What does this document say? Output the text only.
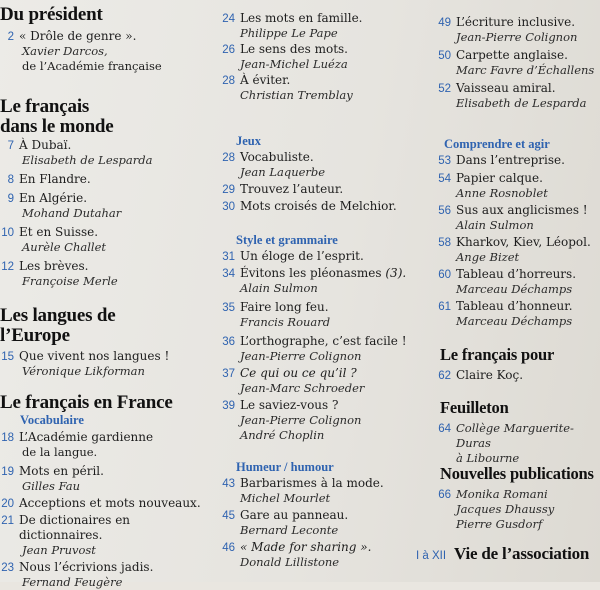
Du président
2 « Drôle de genre ».
Xavier Darcos,
de l’Académie française
Le français
dans le monde
7 À Dubaï.
Elisabeth de Lesparda
8 En Flandre.
9 En Algérie.
Mohand Dutahar
10 Et en Suisse.
Aurèle Challet
12 Les brèves.
Françoise Merle
Les langues de
l’Europe
15 Que vivent nos langues !
Véronique Likforman
Le français en France
Vocabulaire
18 L’Académie gardienne
de la langue.
19 Mots en péril.
Gilles Fau
20 Acceptions et mots nouveaux.
21 De dictionaires en dictionnaires.
Jean Pruvost
23 Nous l’écrivions jadis.
Fernand Feugère
24 Les mots en famille.
Philippe Le Pape
26 Le sens des mots.
Jean-Michel Luéza
28 À éviter.
Christian Tremblay
Jeux
28 Vocabuliste.
Jean Laquerbe
29 Trouvez l’auteur.
30 Mots croisés de Melchior.
Style et grammaire
31 Un éloge de l’esprit.
34 Évitons les pléonasmes (3).
Alain Sulmon
35 Faire long feu.
Francis Rouard
36 L’orthographe, c’est facile !
Jean-Pierre Colignon
37 Ce qui ou ce qu’il ?
Jean-Marc Schroeder
39 Le saviez-vous ?
Jean-Pierre Colignon
André Choplin
Humeur / humour
43 Barbarismes à la mode.
Michel Mourlet
45 Gare au panneau.
Bernard Leconte
46 « Made for sharing ».
Donald Lillistone
49 L’écriture inclusive.
Jean-Pierre Colignon
50 Carpette anglaise.
Marc Favre d’Échallens
52 Vaisseau amiral.
Elisabeth de Lesparda
Comprendre et agir
53 Dans l’entreprise.
54 Papier calque.
Anne Rosnoblet
56 Sus aux anglicismes !
Alain Sulmon
58 Kharkov, Kiev, Léopol.
Ange Bizet
60 Tableau d’horreurs.
Marceau Déchamps
61 Tableau d’honneur.
Marceau Déchamps
Le français pour
62 Claire Koç.
Feuilleton
64 Collège Marguerite-Duras
à Libourne
Nouvelles publications
66 Monika Romani
Jacques Dhaussy
Pierre Gusdorf
I à XII Vie de l’association
